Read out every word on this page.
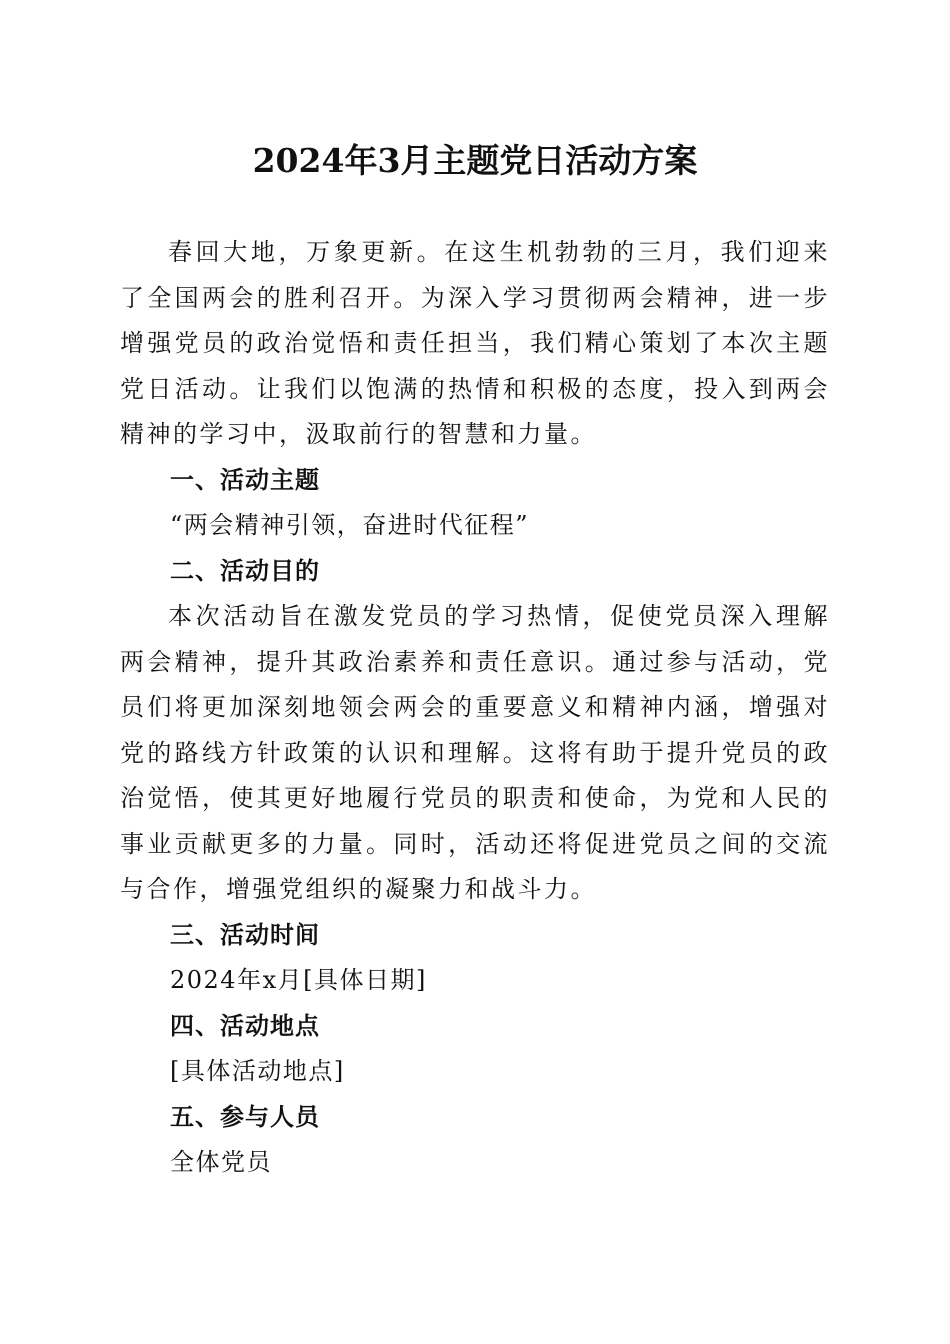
2024年3月主题党日活动方案

春回大地，万象更新。在这生机勃勃的三月，我们迎来了全国两会的胜利召开。为深入学习贯彻两会精神，进一步增强党员的政治觉悟和责任担当，我们精心策划了本次主题党日活动。让我们以饱满的热情和积极的态度，投入到两会精神的学习中，汲取前行的智慧和力量。

一、活动主题

“两会精神引领，奋进时代征程”

二、活动目的

本次活动旨在激发党员的学习热情，促使党员深入理解两会精神，提升其政治素养和责任意识。通过参与活动，党员们将更加深刻地领会两会的重要意义和精神内涵，增强对党的路线方针政策的认识和理解。这将有助于提升党员的政治觉悟，使其更好地履行党员的职责和使命，为党和人民的事业贡献更多的力量。同时，活动还将促进党员之间的交流与合作，增强党组织的凝聚力和战斗力。

三、活动时间

2024年x月[具体日期]

四、活动地点

[具体活动地点]

五、参与人员

全体党员
